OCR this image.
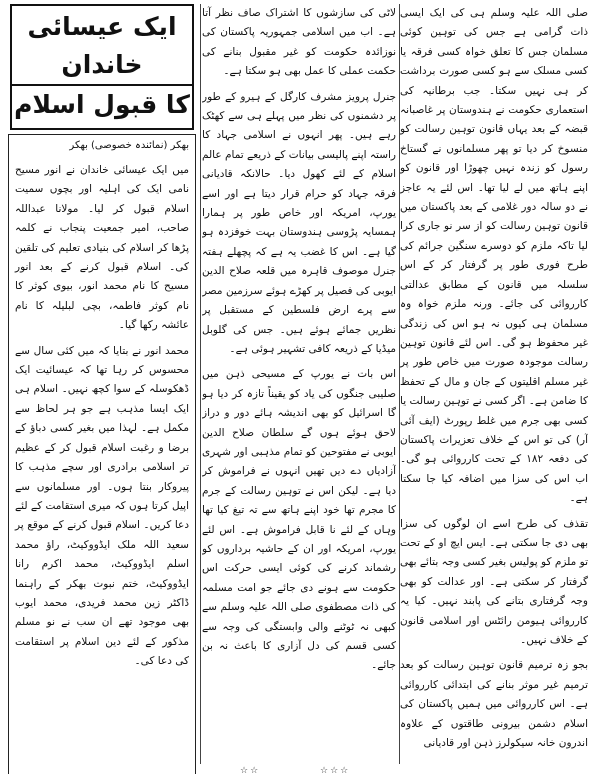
صلی اللہ علیہ وسلم ہی کی ایک ایسی ذات گرامی ہے جس کی توہین کوئی مسلمان جس کا تعلق خواہ کسی فرقہ یا کسی مسلک سے ہو کسی صورت برداشت کر ہی نہیں سکتا۔ جب برطانیہ کی استعماری حکومت نے ہندوستان پر غاصبانہ قبضہ کے بعد یہاں قانون توہین رسالت کو منسوخ کر دیا تو پھر مسلمانوں نے گستاخ رسول کو زندہ نہیں چھوڑا اور قانون کو اپنے ہاتھ میں لے لیا تھا۔ اس لئے یہ عاجز نے دو سالہ دور غلامی کے بعد پاکستان میں قانون توہین رسالت کو از سر نو جاری کرا لیا تاکہ ملزم کو دوسرے سنگین جرائم کی طرح فوری طور پر گرفتار کر کے اس سلسلہ میں قانون کے مطابق عدالتی کارروائی کی جائے۔ ورنہ ملزم خواہ وہ مسلمان ہی کیوں نہ ہو اس کی زندگی غیر محفوظ ہو گی۔ اس لئے قانون توہین رسالت موجودہ صورت میں خاص طور پر غیر مسلم اقلیتوں کے جان و مال کے تحفظ کا ضامن ہے۔ اگر کسی نے توہین رسالت یا کسی بھی جرم میں غلط رپورٹ (ایف آئی آر) کی تو اس کے خلاف تعزیرات پاکستان کی دفعہ ۱۸۲ کے تحت کارروائی ہو گی۔ اب اس کی سزا میں اضافہ کیا جا سکتا ہے۔

تقذف کی طرح اسے ان لوگوں کی سزا بھی دی جا سکتی ہے۔ ایس ایچ او کے تحت تو ملزم کو پولیس بغیر کسی وجہ بتائے بھی گرفتار کر سکتی ہے۔ اور عدالت کو بھی وجہ گرفتاری بتانے کی پابند نہیں۔ کیا یہ کارروائی ہیومن رائٹس اور اسلامی قانون کے خلاف نہیں۔

بجو زہ ترمیم قانون توہین رسالت کو بعد ترمیم غیر موثر بنانے کی ابتدائی کارروائی ہے۔ اس کارروائی میں ہمیں پاکستان کی اسلام دشمن بیرونی طاقتوں کے علاوہ اندرون خانہ سیکولرز ذہن اور قادیانی

لاٹی کی سازشوں کا اشتراک صاف نظر آتا ہے۔ اب میں اسلامی جمہوریہ پاکستان کی نوزائدہ حکومت کو غیر مقبول بنانے کی حکمت عملی کا عمل بھی ہو سکتا ہے۔

جنرل پرویز مشرف کارگل کے ہیرو کے طور پر دشمنوں کی نظر میں پہلے ہی سے کھٹک رہے ہیں۔ پھر انہوں نے اسلامی جہاد کا راستہ اپنے پالیسی بیانات کے ذریعے تمام عالم اسلام کے لئے کھول دیا۔ حالانکہ قادیانی فرقہ جہاد کو حرام قرار دیتا ہے اور اسے یورپ، امریکہ اور خاص طور پر ہمارا ہمسایہ پڑوسی ہندوستان بہت خوفزدہ ہو گیا ہے۔ اس کا غضب یہ ہے کہ پچھلے ہفتہ جنرل موصوف قاہرہ میں قلعہ صلاح الدین ایوبی کی فصیل پر کھڑے ہوئے سرزمین مصر سے پرے ارض فلسطین کے مستقبل پر نظریں جمائے ہوئے ہیں۔ جس کی گلوبل میڈیا کے ذریعہ کافی تشہیر ہوئی ہے۔

اس بات نے یورپ کے مسیحی ذہن میں صلیبی جنگوں کی یاد کو یقیناً تازہ کر دیا ہو گا اسرائیل کو بھی اندیشہ ہائے دور و دراز لاحق ہوئے ہوں گے سلطان صلاح الدین ایوبی نے مفتوحین کو تمام مذہبی اور شہری آزادیاں دے دیں تھیں انہوں نے فراموش کر دیا ہے۔ لیکن اس نے توہین رسالت کے جرم کا مجرم تھا خود اپنے ہاتھ سے تہ تیغ کیا تھا وہاں کے لئے نا قابل فراموش ہے۔ اس لئے یورپ، امریکہ اور ان کے حاشیہ برداروں کو رشماند کرنے کی کوئی ایسی حرکت اس حکومت سے ہونے دی جائے جو امت مسلمہ کی ذات مصطفوی صلی اللہ علیہ وسلم سے کبھی نہ ٹوٹنے والی وابستگی کی وجہ سے کسی قسم کی دل آزاری کا باعث نہ بن جائے۔

ایک عیسائی خاندان
کا قبول اسلام

بھکر (نمائندہ خصوصی) بھکر

میں ایک عیسائی خاندان نے انور مسیح نامی ایک کی اہلیہ اور بچوں سمیت اسلام قبول کر لیا۔ مولانا عبداللہ صاحب، امیر جمعیت پنجاب نے کلمہ پڑھا کر اسلام کی بنیادی تعلیم کی تلقین کی۔ اسلام قبول کرنے کے بعد انور مسیح کا نام محمد انور، بیوی کوثر کا نام کوثر فاطمہ، بچی لبلیلہ کا نام عائشہ رکھا گیا۔

محمد انور نے بتایا کہ میں کئی سال سے محسوس کر رہا تھا کہ عیسائیت ایک ڈھکوسلہ کے سوا کچھ نہیں۔ اسلام ہی ایک ایسا مذہب ہے جو ہر لحاظ سے مکمل ہے۔ لہذا میں بغیر کسی دباؤ کے برضا و رغبت اسلام قبول کر کے عظیم تر اسلامی برادری اور سچے مذہب کا پیروکار بنتا ہوں۔ اور مسلمانوں سے اپیل کرتا ہوں کہ میری استقامت کے لئے دعا کریں۔ اسلام قبول کرنے کے موقع پر سعید اللہ ملک ایڈووکیٹ، راؤ محمد اسلم ایڈووکیٹ، محمد اکرم رانا ایڈووکیٹ، ختم نبوت بھکر کے راہنما ڈاکٹر زین محمد فریدی، محمد ایوب بھی موجود تھے ان سب نے نو مسلم مذکور کے لئے دین اسلام پر استقامت کی دعا کی۔

☆☆	☆☆☆
